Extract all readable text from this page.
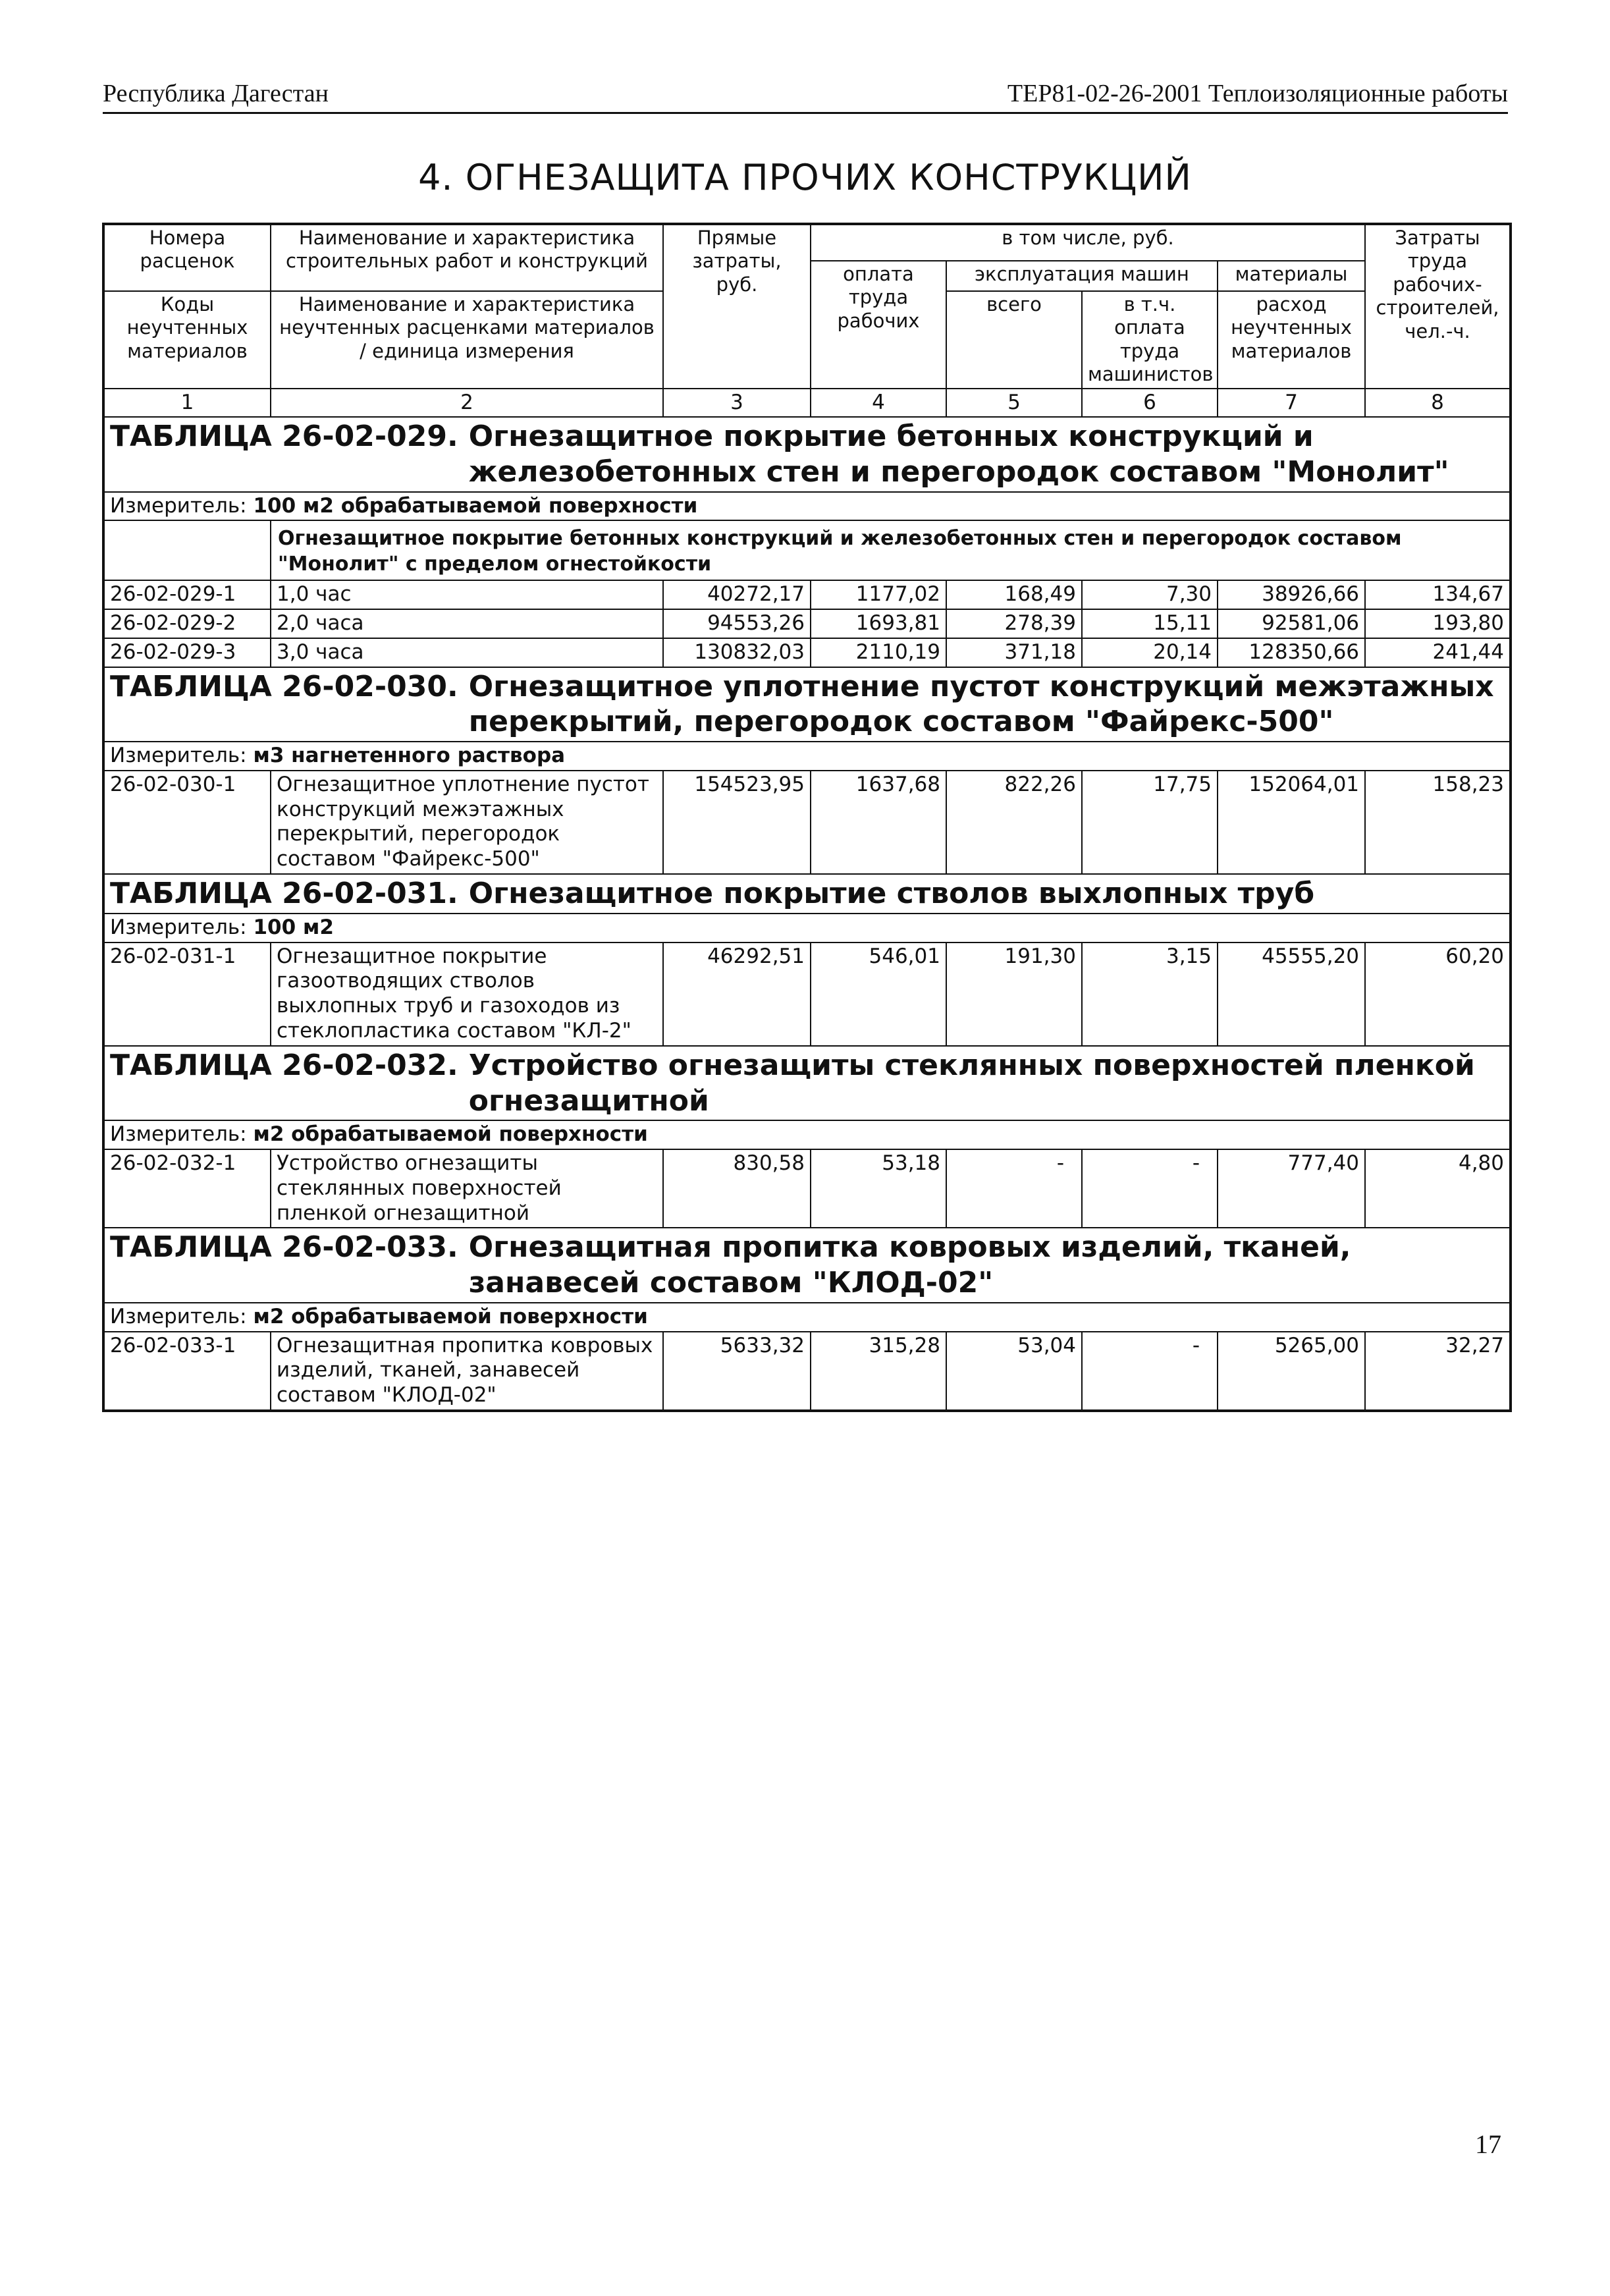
Республика Дагестан	ТЕР81-02-26-2001 Теплоизоляционные работы
4. ОГНЕЗАЩИТА ПРОЧИХ КОНСТРУКЦИЙ
Номера расценок	Наименование и характеристика строительных работ и конструкций	Прямые затраты, руб.	в том числе, руб.				Затраты труда рабочих-строителей, чел.-ч.
			оплата труда рабочих	эксплуатация машин		материалы	
Коды неучтенных материалов	Наименование и характеристика неучтенных расценками материалов / единица измерения			всего	в т.ч. оплата труда машинистов	расход неучтенных материалов	

1	2	3	4	5	6	7	8

ТАБЛИЦА 26-02-029. Огнезащитное покрытие бетонных конструкций и железобетонных стен и перегородок составом "Монолит"							

Измеритель: 100 м2 обрабатываемой поверхности							
	Огнезащитное покрытие бетонных конструкций и железобетонных стен и перегородок составом "Монолит" с пределом огнестойкости						
26-02-029-1	1,0 час	40272,17	1177,02	168,49	7,30	38926,66	134,67
26-02-029-2	2,0 часа	94553,26	1693,81	278,39	15,11	92581,06	193,80
26-02-029-3	3,0 часа	130832,03	2110,19	371,18	20,14	128350,66	241,44

ТАБЛИЦА 26-02-030. Огнезащитное уплотнение пустот конструкций межэтажных перекрытий, перегородок составом "Файрекс-500"							

Измеритель: м3 нагнетенного раствора							
26-02-030-1	Огнезащитное уплотнение пустот конструкций межэтажных перекрытий, перегородок составом "Файрекс-500"	154523,95	1637,68	822,26	17,75	152064,01	158,23

ТАБЛИЦА 26-02-031. Огнезащитное покрытие стволов выхлопных труб							

Измеритель: 100 м2							
26-02-031-1	Огнезащитное покрытие газоотводящих стволов выхлопных труб и газоходов из стеклопластика составом "КЛ-2"	46292,51	546,01	191,30	3,15	45555,20	60,20

ТАБЛИЦА 26-02-032. Устройство огнезащиты стеклянных поверхностей пленкой огнезащитной							

Измеритель: м2 обрабатываемой поверхности							
26-02-032-1	Устройство огнезащиты стеклянных поверхностей пленкой огнезащитной	830,58	53,18	-	-	777,40	4,80

ТАБЛИЦА 26-02-033. Огнезащитная пропитка ковровых изделий, тканей, занавесей составом "КЛОД-02"							

Измеритель: м2 обрабатываемой поверхности							
26-02-033-1	Огнезащитная пропитка ковровых изделий, тканей, занавесей составом "КЛОД-02"	5633,32	315,28	53,04	-	5265,00	32,27
17
